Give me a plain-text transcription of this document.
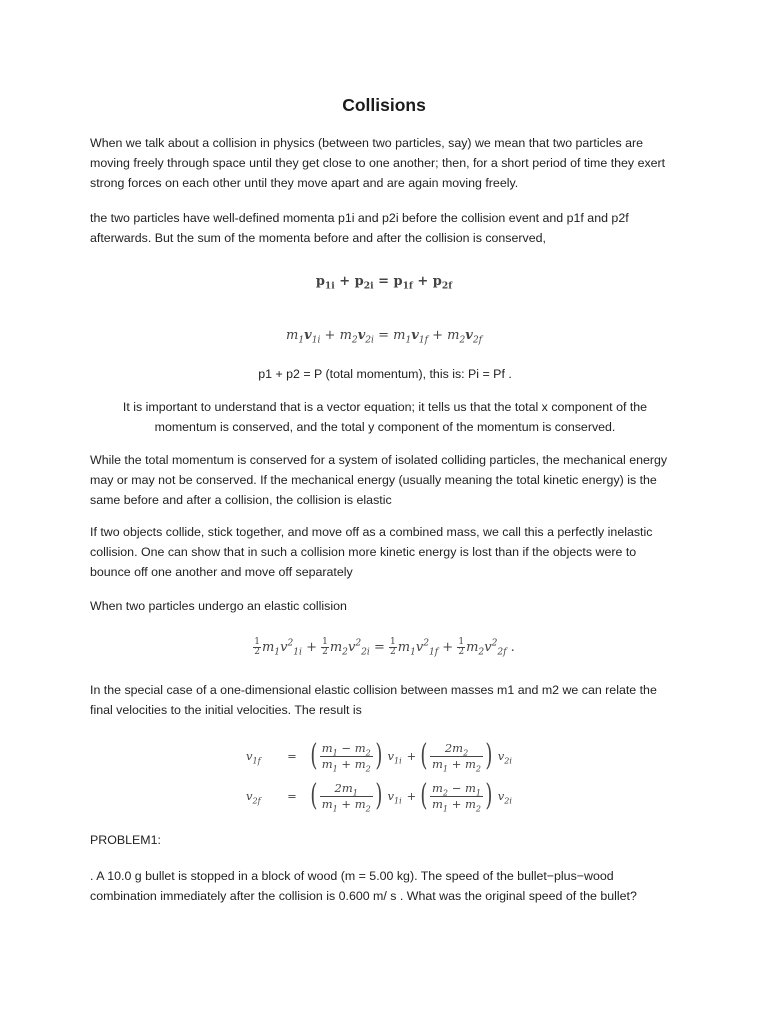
Collisions

When we talk about a collision in physics (between two particles, say) we mean that two particles are moving freely through space until they get close to one another; then, for a short period of time they exert strong forces on each other until they move apart and are again moving freely.

the two particles have well-defined momenta p1i and p2i before the collision event and p1f and p2f afterwards. But the sum of the momenta before and after the collision is conserved,

$p_{1i} + p_{2i} = p_{1f} + p_{2f}$
$m_1v_{1i} + m_2v_{2i} = m_1v_{1f} + m_2v_{2f}$

p1 + p2 = P (total momentum), this is: Pi = Pf .

It is important to understand that is a vector equation; it tells us that the total x component of the momentum is conserved, and the total y component of the momentum is conserved.

While the total momentum is conserved for a system of isolated colliding particles, the mechanical energy may or may not be conserved. If the mechanical energy (usually meaning the total kinetic energy) is the same before and after a collision, the collision is elastic

If two objects collide, stick together, and move off as a combined mass, we call this a perfectly inelastic collision. One can show that in such a collision more kinetic energy is lost than if the objects were to bounce off one another and move off separately

When two particles undergo an elastic collision

$\frac{1}{2} m_1v^2_{1i} + \frac{1}{2} m_2v^2_{2i} = \frac{1}{2} m_1v^2_{1f} + \frac{1}{2} m_2v^2_{2f}$ .

In the special case of a one-dimensional elastic collision between masses m1 and m2 we can relate the final velocities to the initial velocities. The result is

$v_{1f}$	= ( $m_1 - m_2$
$m_1 + m_2$ ) $v_{1i}$ + (	$2m_2$
$m_1 + m_2$ ) $v_{2i}$
$v_{2f}$	= (	$2m_1$
$m_1 + m_2$ ) $v_{1i}$ + ( $m_2 - m_1$
$m_1 + m_2$ ) $v_{2i}$

PROBLEM1:

. A 10.0 g bullet is stopped in a block of wood (m = 5.00 kg). The speed of the bullet−plus−wood combination immediately after the collision is 0.600 m/ s . What was the original speed of the bullet?
